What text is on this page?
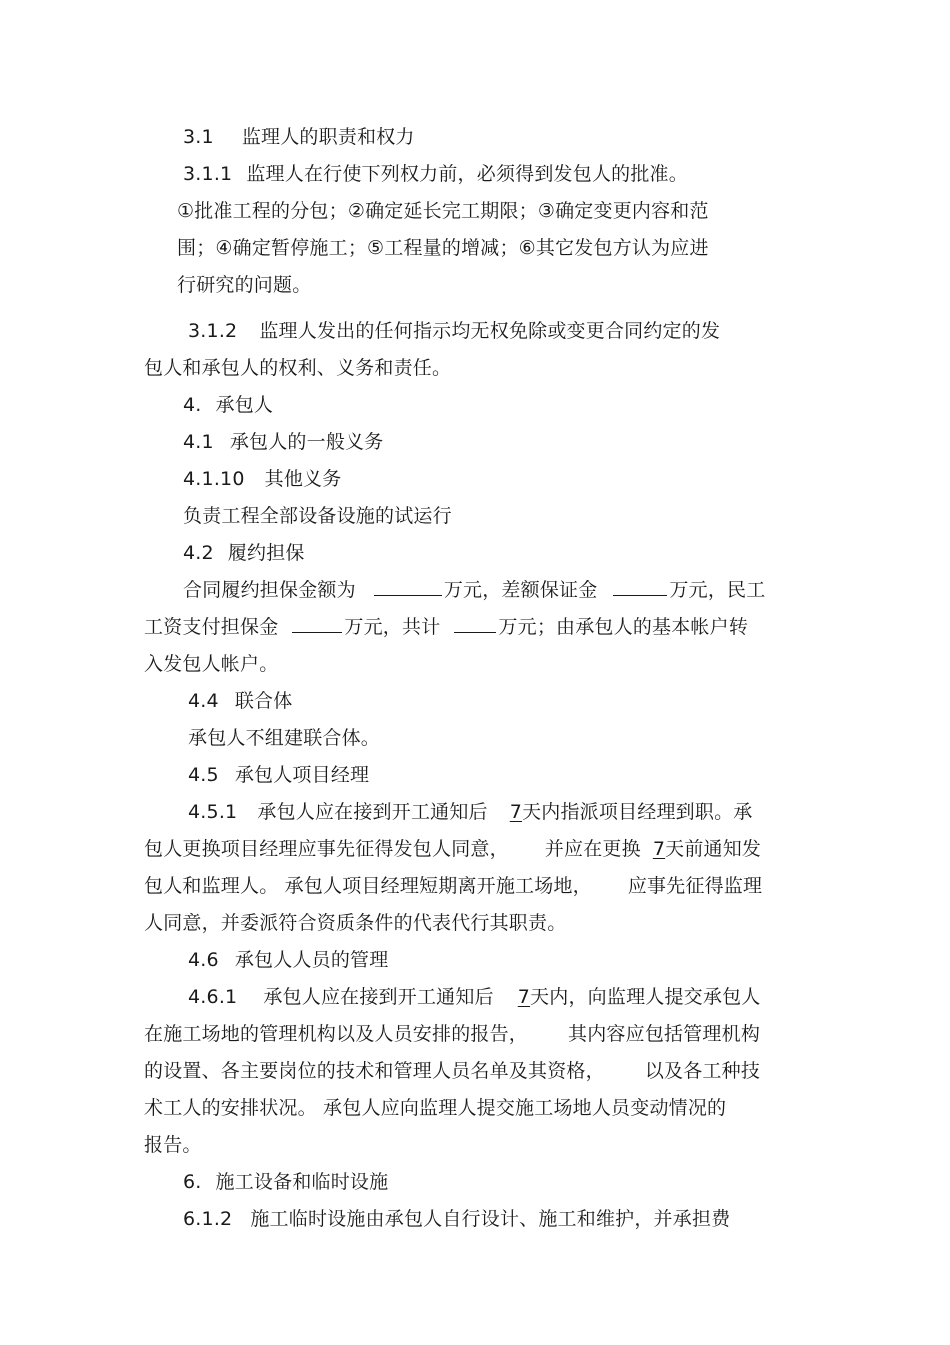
3.1 监理人的职责和权力
3.1.1 监理人在行使下列权力前，必须得到发包人的批准。
①批准工程的分包；②确定延长完工期限；③确定变更内容和范
围；④确定暂停施工；⑤工程量的增减；⑥其它发包方认为应进
行研究的问题。
3.1.2 监理人发出的任何指示均无权免除或变更合同约定的发
包人和承包人的权利、义务和责任。
4. 承包人
4.1 承包人的一般义务
4.1.10 其他义务
负责工程全部设备设施的试运行
4.2 履约担保
合同履约担保金额为	万元，差额保证金	万元，民工
工资支付担保金	万元，共计	万元；由承包人的基本帐户转
入发包人帐户。
4.4 联合体
承包人不组建联合体。
4.5 承包人项目经理
4.5.1 承包人应在接到开工通知后 7天内指派项目经理到职。承
包人更换项目经理应事先征得发包人同意， 并应在更换 7天前通知发
包人和监理人。 承包人项目经理短期离开施工场地， 应事先征得监理
人同意，并委派符合资质条件的代表代行其职责。
4.6 承包人人员的管理
4.6.1 承包人应在接到开工通知后 7天内，向监理人提交承包人
在施工场地的管理机构以及人员安排的报告， 其内容应包括管理机构
的设置、各主要岗位的技术和管理人员名单及其资格， 以及各工种技
术工人的安排状况。 承包人应向监理人提交施工场地人员变动情况的
报告。
6. 施工设备和临时设施
6.1.2 施工临时设施由承包人自行设计、施工和维护，并承担费
